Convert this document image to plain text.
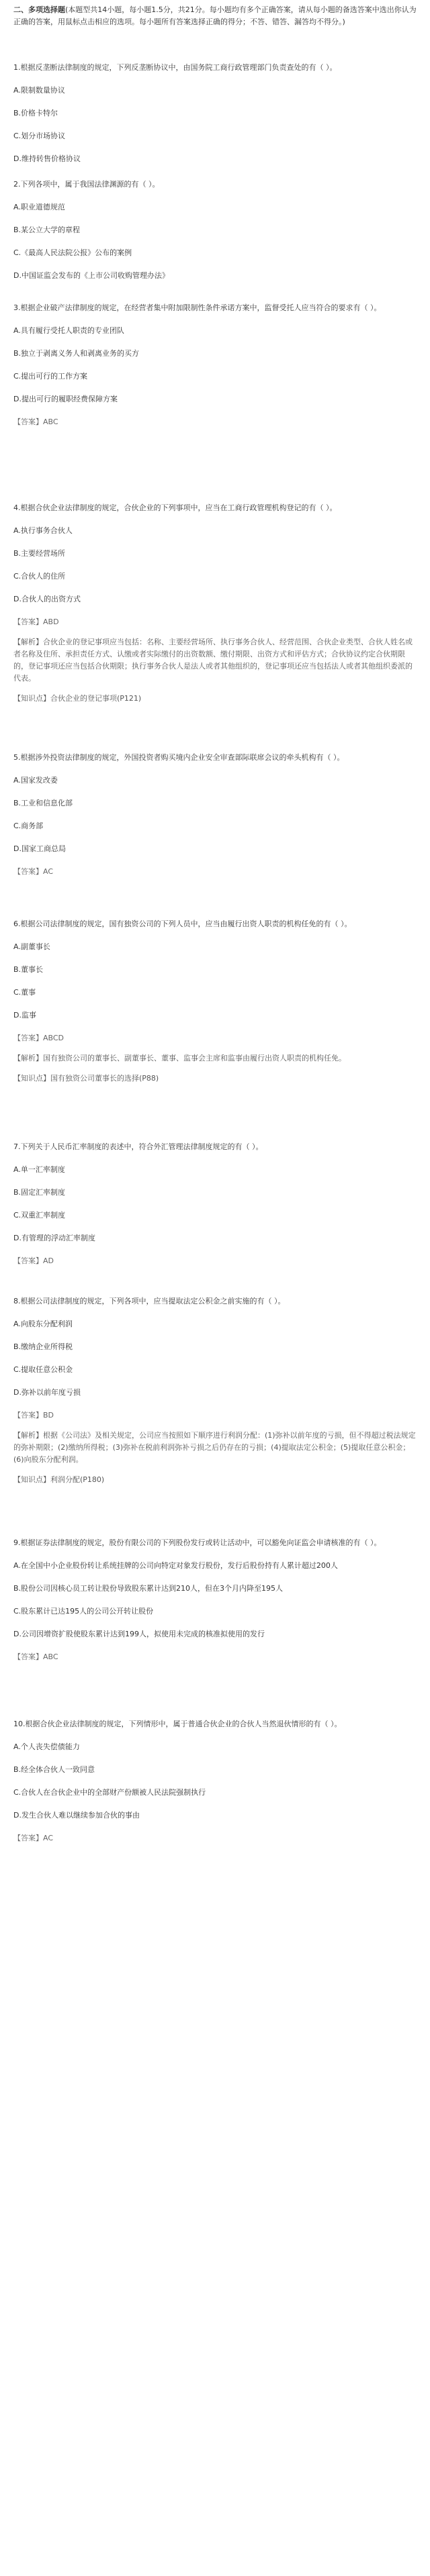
二、多项选择题(本题型共14小题，每小题1.5分，共21分。每小题均有多个正确答案，请从每小题的备选答案中选出你认为正确的答案，用鼠标点击相应的选项。每小题所有答案选择正确的得分；不答、错答、漏答均不得分。)
1.根据反垄断法律制度的规定，下列反垄断协议中，由国务院工商行政管理部门负责查处的有（ ）。
A.限制数量协议
B.价格卡特尔
C.划分市场协议
D.维持转售价格协议
2.下列各项中，属于我国法律渊源的有（ ）。
A.职业道德规范
B.某公立大学的章程
C.《最高人民法院公报》公布的案例
D.中国证监会发布的《上市公司收购管理办法》
3.根据企业破产法律制度的规定，在经营者集中附加限制性条件承诺方案中，监督受托人应当符合的要求有（ ）。
A.具有履行受托人职责的专业团队
B.独立于剥离义务人和剥离业务的买方
C.提出可行的工作方案
D.提出可行的履职经费保障方案
【答案】ABC
4.根据合伙企业法律制度的规定，合伙企业的下列事项中，应当在工商行政管理机构登记的有（ ）。
A.执行事务合伙人
B.主要经营场所
C.合伙人的住所
D.合伙人的出资方式
【答案】ABD
【解析】合伙企业的登记事项应当包括：名称、主要经营场所、执行事务合伙人、经营范围、合伙企业类型、合伙人姓名或者名称及住所、承担责任方式、认缴或者实际缴付的出资数额、缴付期限、出资方式和评估方式；合伙协议约定合伙期限的，登记事项还应当包括合伙期限；执行事务合伙人是法人或者其他组织的，登记事项还应当包括法人或者其他组织委派的代表。
【知识点】合伙企业的登记事项(P121)
5.根据涉外投资法律制度的规定，外国投资者购买境内企业安全审查部际联席会议的牵头机构有（ ）。
A.国家发改委
B.工业和信息化部
C.商务部
D.国家工商总局
【答案】AC
6.根据公司法律制度的规定，国有独资公司的下列人员中，应当由履行出资人职责的机构任免的有（ ）。
A.副董事长
B.董事长
C.董事
D.监事
【答案】ABCD
【解析】国有独资公司的董事长、副董事长、董事、监事会主席和监事由履行出资人职责的机构任免。
【知识点】国有独资公司董事长的选择(P88)
7.下列关于人民币汇率制度的表述中，符合外汇管理法律制度规定的有（ ）。
A.单一汇率制度
B.固定汇率制度
C.双重汇率制度
D.有管理的浮动汇率制度
【答案】AD
8.根据公司法律制度的规定，下列各项中，应当提取法定公积金之前实施的有（ ）。
A.向股东分配利润
B.缴纳企业所得税
C.提取任意公积金
D.弥补以前年度亏损
【答案】BD
【解析】根据《公司法》及相关规定，公司应当按照如下顺序进行利润分配：(1)弥补以前年度的亏损，但不得超过税法规定的弥补期限；(2)缴纳所得税；(3)弥补在税前利润弥补亏损之后仍存在的亏损；(4)提取法定公积金；(5)提取任意公积金；(6)向股东分配利润。
【知识点】利润分配(P180)
9.根据证券法律制度的规定，股份有限公司的下列股份发行或转让活动中，可以豁免向证监会申请核准的有（ ）。
A.在全国中小企业股份转让系统挂牌的公司向特定对象发行股份，发行后股份持有人累计超过200人
B.股份公司因核心员工转让股份导致股东累计达到210人，但在3个月内降至195人
C.股东累计已达195人的公司公开转让股份
D.公司因增资扩股使股东累计达到199人，拟使用未完成的核准拟使用的发行
【答案】ABC
10.根据合伙企业法律制度的规定，下列情形中，属于普通合伙企业的合伙人当然退伙情形的有（ ）。
A.个人丧失偿债能力
B.经全体合伙人一致同意
C.合伙人在合伙企业中的全部财产份额被人民法院强制执行
D.发生合伙人难以继续参加合伙的事由
【答案】AC
